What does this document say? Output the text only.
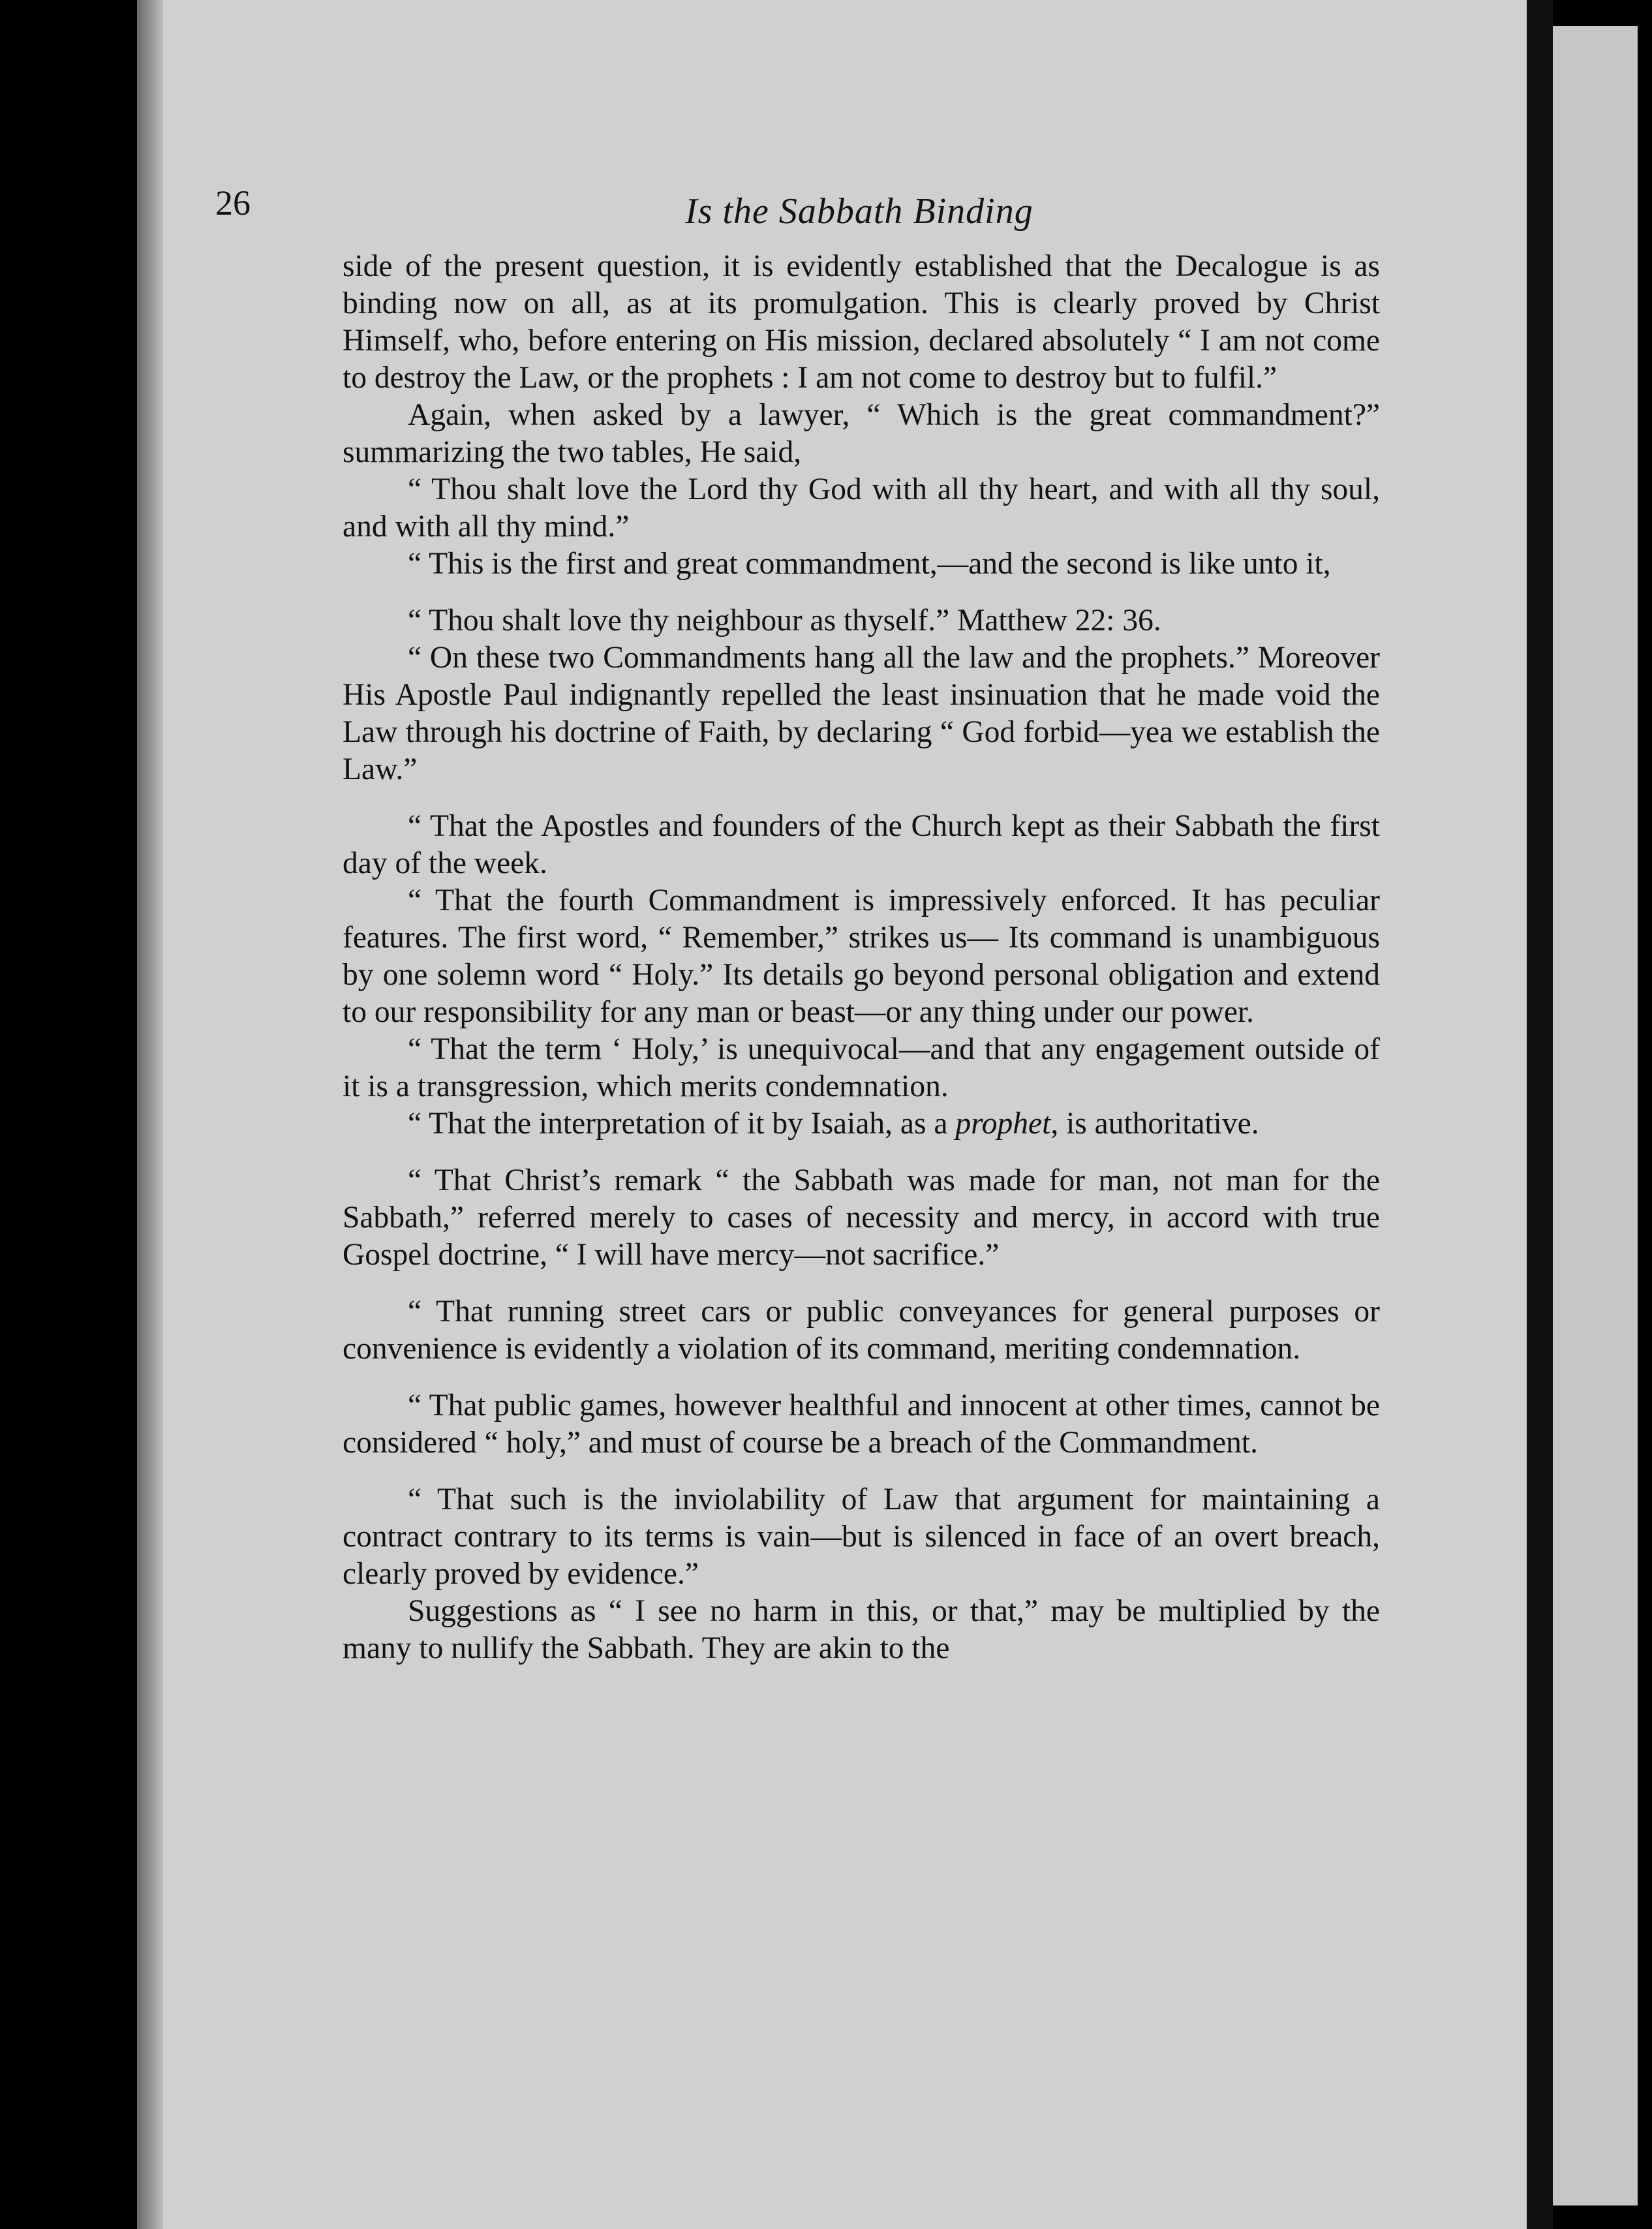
26	Is the Sabbath Binding

side of the present question, it is evidently established that the Decalogue is as binding now on all, as at its promulgation. This is clearly proved by Christ Himself, who, before entering on His mission, declared absolutely “ I am not come to destroy the Law, or the prophets : I am not come to destroy but to fulfil.”

Again, when asked by a lawyer, “ Which is the great commandment?” summarizing the two tables, He said,

“ Thou shalt love the Lord thy God with all thy heart, and with all thy soul, and with all thy mind.”

“ This is the first and great commandment,—and the second is like unto it,

“ Thou shalt love thy neighbour as thyself.” Matthew 22: 36.

“ On these two Commandments hang all the law and the prophets.” Moreover His Apostle Paul indignantly repelled the least insinuation that he made void the Law through his doctrine of Faith, by declaring “ God forbid—yea we establish the Law.”

“ That the Apostles and founders of the Church kept as their Sabbath the first day of the week.

“ That the fourth Commandment is impressively enforced. It has peculiar features. The first word, “ Remember,” strikes us— Its command is unambiguous by one solemn word “ Holy.” Its details go beyond personal obligation and extend to our responsibility for any man or beast—or any thing under our power.

“ That the term ‘ Holy,’ is unequivocal—and that any engagement outside of it is a transgression, which merits condemnation.

“ That the interpretation of it by Isaiah, as a prophet, is authoritative.

“ That Christ’s remark “ the Sabbath was made for man, not man for the Sabbath,” referred merely to cases of necessity and mercy, in accord with true Gospel doctrine, “ I will have mercy—not sacrifice.”

“ That running street cars or public conveyances for general purposes or convenience is evidently a violation of its command, meriting condemnation.

“ That public games, however healthful and innocent at other times, cannot be considered “ holy,” and must of course be a breach of the Commandment.

“ That such is the inviolability of Law that argument for maintaining a contract contrary to its terms is vain—but is silenced in face of an overt breach, clearly proved by evidence.”

Suggestions as “ I see no harm in this, or that,” may be multiplied by the many to nullify the Sabbath. They are akin to the
